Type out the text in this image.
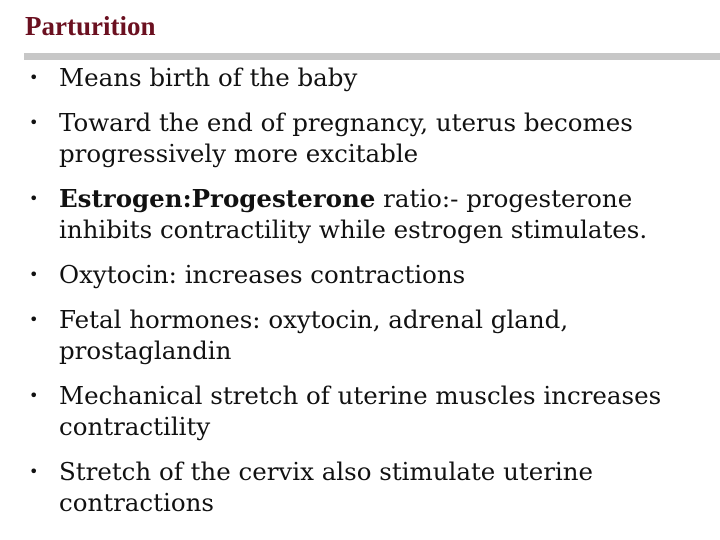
Parturition
• Means birth of the baby
• Toward the end of pregnancy, uterus becomes progressively more excitable
• Estrogen:Progesterone ratio:- progesterone inhibits contractility while estrogen stimulates.
• Oxytocin: increases contractions
• Fetal hormones: oxytocin, adrenal gland, prostaglandin
• Mechanical stretch of uterine muscles increases contractility
• Stretch of the cervix also stimulate uterine contractions
